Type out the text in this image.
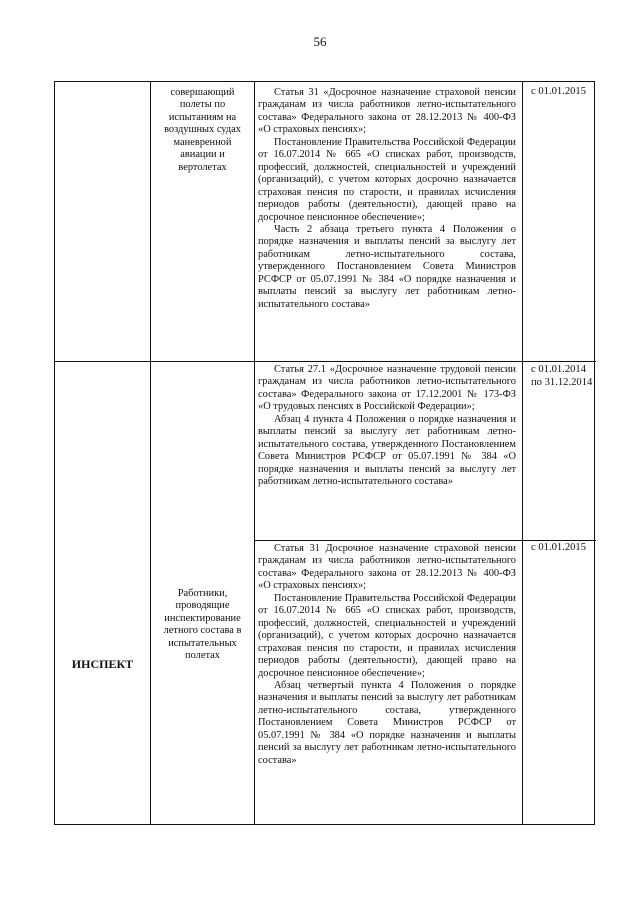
56
совершающий полеты по испытаниям на воздушных судах маневренной авиации и вертолетах

Статья 31 «Досрочное назначение страховой пенсии гражданам из числа работников летно-испытательного состава» Федерального закона от 28.12.2013 № 400-ФЗ «О страховых пенсиях»;

Постановление Правительства Российской Федерации от 16.07.2014 № 665 «О списках работ, производств, профессий, должностей, специальностей и учреждений (организаций), с учетом которых досрочно назначается страховая пенсия по старости, и правилах исчисления периодов работы (деятельности), дающей право на досрочное пенсионное обеспечение»;

Часть 2 абзаца третьего пункта 4 Положения о порядке назначения и выплаты пенсий за выслугу лет работникам летно-испытательного состава, утвержденного Постановлением Совета Министров РСФСР от 05.07.1991 № 384 «О порядке назначения и выплаты пенсий за выслугу лет работникам летно-испытательного состава»

с 01.01.2015
ИНСПЕКТ
Работники, проводящие инспектирование летного состава в испытательных полетах

Статья 27.1 «Досрочное назначение трудовой пенсии гражданам из числа работников летно-испытательного состава» Федерального закона от 17.12.2001 № 173-ФЗ «О трудовых пенсиях в Российской Федерации»;

Абзац 4 пункта 4 Положения о порядке назначения и выплаты пенсий за выслугу лет работникам летно-испытательного состава, утвержденного Постановлением Совета Министров РСФСР от 05.07.1991 № 384 «О порядке назначения и выплаты пенсий за выслугу лет работникам летно-испытательного состава»

с 01.01.2014
по 31.12.2014

Статья 31 Досрочное назначение страховой пенсии гражданам из числа работников летно-испытательного состава» Федерального закона от 28.12.2013 № 400-ФЗ «О страховых пенсиях»;

Постановление Правительства Российской Федерации от 16.07.2014 № 665 «О списках работ, производств, профессий, должностей, специальностей и учреждений (организаций), с учетом которых досрочно назначается страховая пенсия по старости, и правилах исчисления периодов работы (деятельности), дающей право на досрочное пенсионное обеспечение»;

Абзац четвертый пункта 4 Положения о порядке назначения и выплаты пенсий за выслугу лет работникам летно-испытательного состава, утвержденного Постановлением Совета Министров РСФСР от 05.07.1991 № 384 «О порядке назначения и выплаты пенсий за выслугу лет работникам летно-испытательного состава»

с 01.01.2015
